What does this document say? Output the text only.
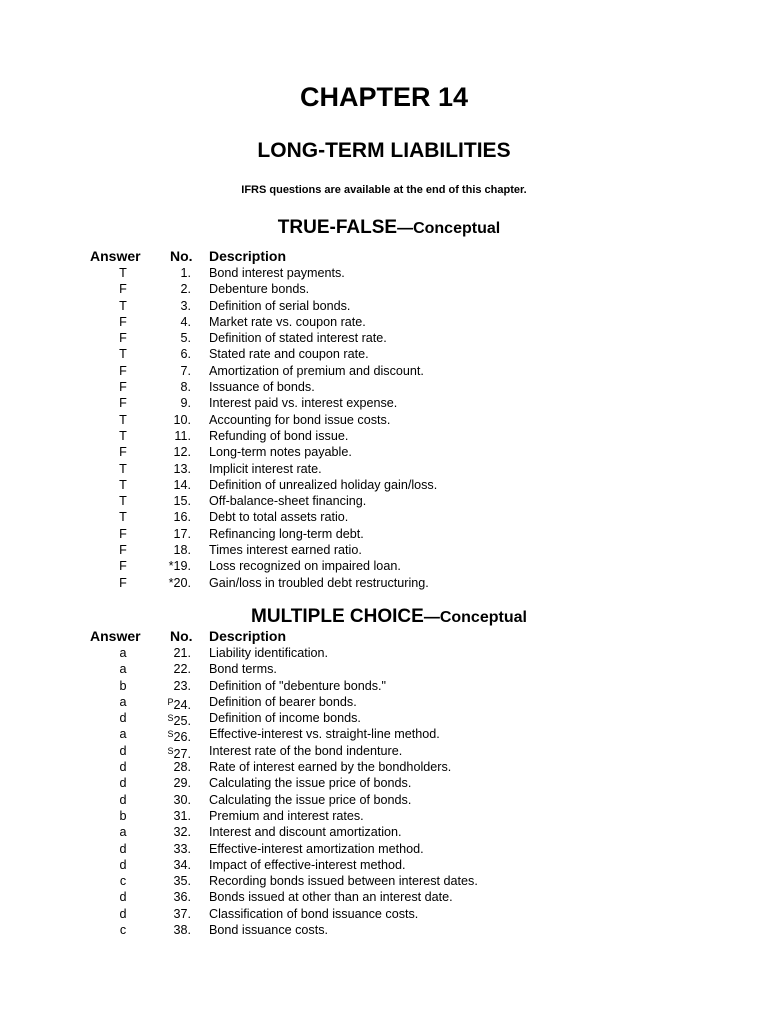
CHAPTER 14
LONG-TERM LIABILITIES

IFRS questions are available at the end of this chapter.

TRUE-FALSE—Conceptual
Answer No. Description
T	1. Bond interest payments.
F	2. Debenture bonds.
T	3. Definition of serial bonds.
F	4. Market rate vs. coupon rate.
F	5. Definition of stated interest rate.
T	6. Stated rate and coupon rate.
F	7. Amortization of premium and discount.
F	8. Issuance of bonds.
F	9. Interest paid vs. interest expense.
T	10. Accounting for bond issue costs.
T	11. Refunding of bond issue.
F	12. Long-term notes payable.
T	13. Implicit interest rate.
T	14. Definition of unrealized holiday gain/loss.
T	15. Off-balance-sheet financing.
T	16. Debt to total assets ratio.
F	17. Refinancing long-term debt.
F	18. Times interest earned ratio.
F	*19. Loss recognized on impaired loan.
F	*20. Gain/loss in troubled debt restructuring.
MULTIPLE CHOICE—Conceptual
Answer No. Description
a	21. Liability identification.
a	22. Bond terms.
b	23. Definition of "debenture bonds."
a	$^P$24. Definition of bearer bonds.
d	$^S$25. Definition of income bonds.
a	$^S$26. Effective-interest vs. straight-line method.
d	$^S$27. Interest rate of the bond indenture.
d	28. Rate of interest earned by the bondholders.
d	29. Calculating the issue price of bonds.
d	30. Calculating the issue price of bonds.
b	31. Premium and interest rates.
a	32. Interest and discount amortization.
d	33. Effective-interest amortization method.
d	34. Impact of effective-interest method.
c	35. Recording bonds issued between interest dates.
d	36. Bonds issued at other than an interest date.
d	37. Classification of bond issuance costs.
c	38. Bond issuance costs.
